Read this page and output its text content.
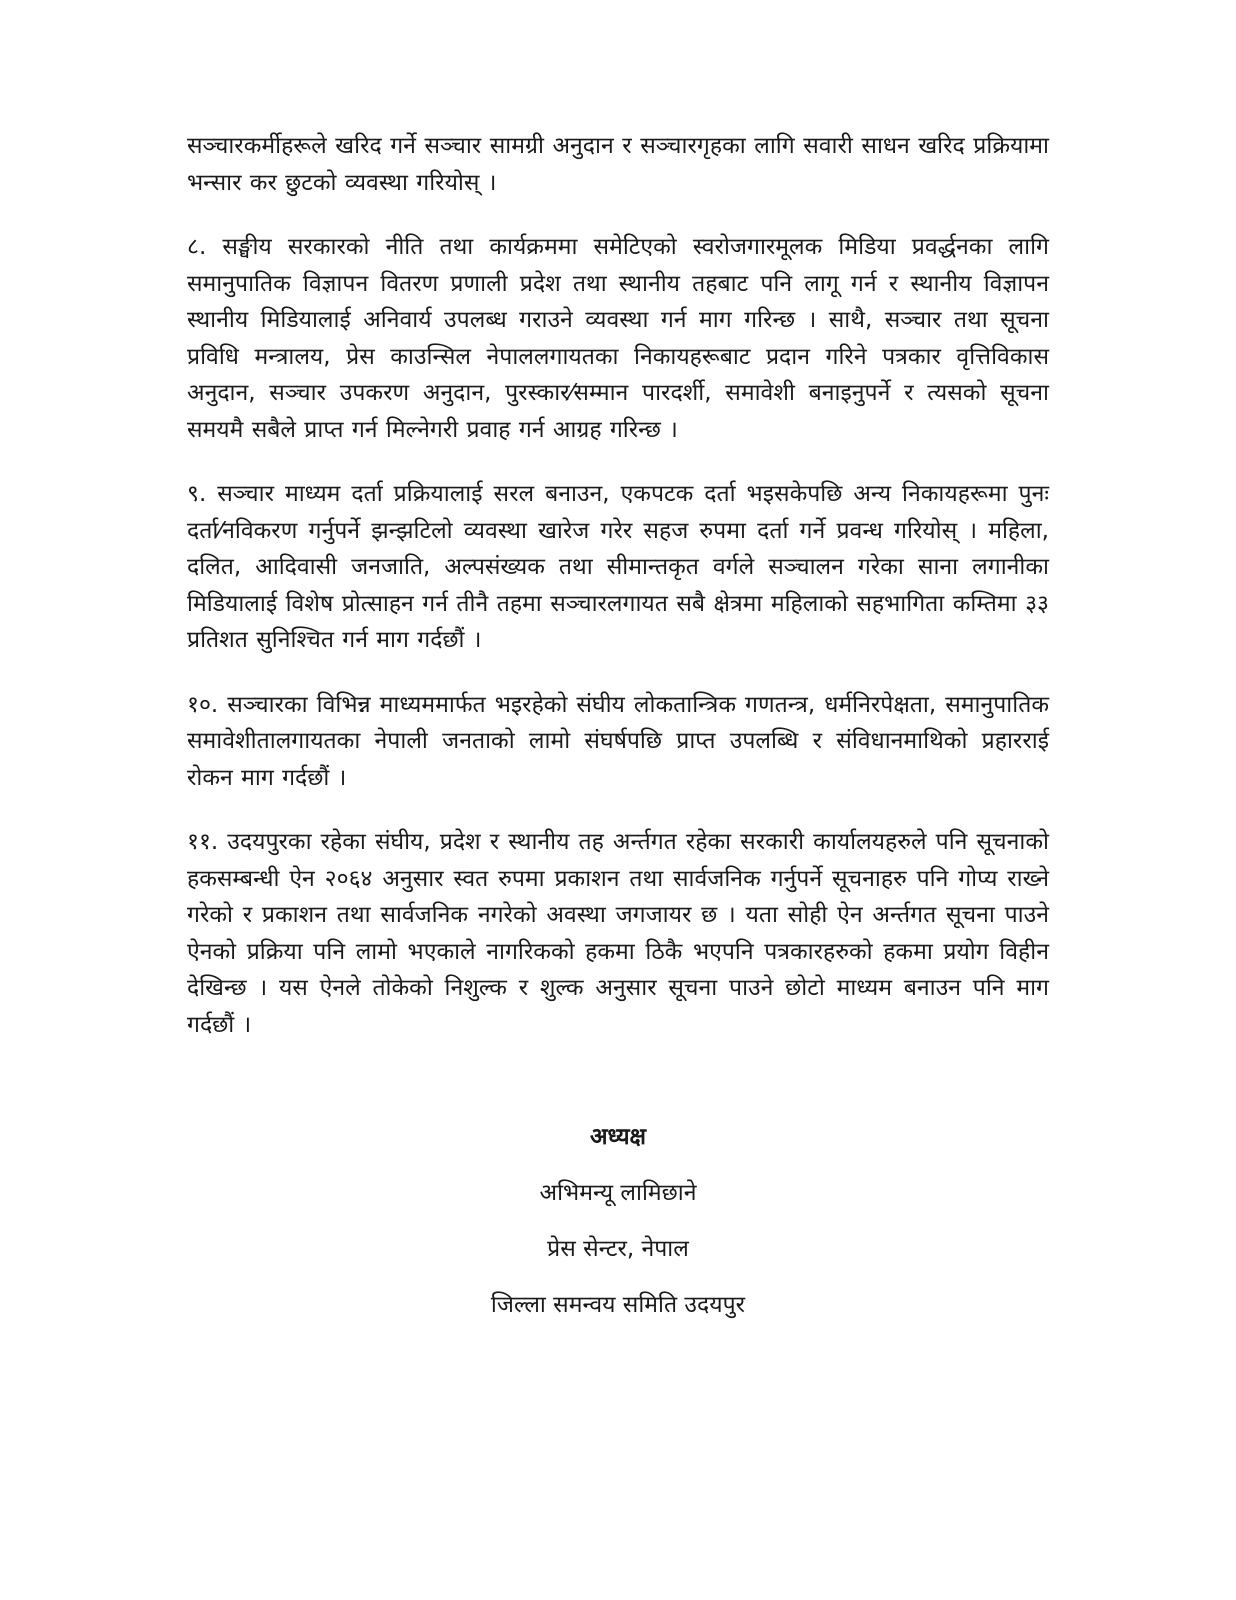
सञ्चारकर्मीहरूले खरिद गर्ने सञ्चार सामग्री अनुदान र सञ्चारगृहका लागि सवारी साधन खरिद प्रक्रियामा भन्सार कर छुटको व्यवस्था गरियोस् ।

८. सङ्घीय सरकारको नीति तथा कार्यक्रममा समेटिएको स्वरोजगारमूलक मिडिया प्रवर्द्धनका लागि समानुपातिक विज्ञापन वितरण प्रणाली प्रदेश तथा स्थानीय तहबाट पनि लागू गर्न र स्थानीय विज्ञापन स्थानीय मिडियालाई अनिवार्य उपलब्ध गराउने व्यवस्था गर्न माग गरिन्छ । साथै, सञ्चार तथा सूचना प्रविधि मन्त्रालय, प्रेस काउन्सिल नेपाललगायतका निकायहरूबाट प्रदान गरिने पत्रकार वृत्तिविकास अनुदान, सञ्चार उपकरण अनुदान, पुरस्कार⁄सम्मान पारदर्शी, समावेशी बनाइनुपर्ने र त्यसको सूचना समयमै सबैले प्राप्त गर्न मिल्नेगरी प्रवाह गर्न आग्रह गरिन्छ ।

९. सञ्चार माध्यम दर्ता प्रक्रियालाई सरल बनाउन, एकपटक दर्ता भइसकेपछि अन्य निकायहरूमा पुनः दर्ता⁄नविकरण गर्नुपर्ने झन्झटिलो व्यवस्था खारेज गरेर सहज रुपमा दर्ता गर्ने प्रवन्ध गरियोस् । महिला, दलित, आदिवासी जनजाति, अल्पसंख्यक तथा सीमान्तकृत वर्गले सञ्चालन गरेका साना लगानीका मिडियालाई विशेष प्रोत्साहन गर्न तीनै तहमा सञ्चारलगायत सबै क्षेत्रमा महिलाको सहभागिता कम्तिमा ३३ प्रतिशत सुनिश्चित गर्न माग गर्दछौं ।

१०. सञ्चारका विभिन्न माध्यममार्फत भइरहेको संघीय लोकतान्त्रिक गणतन्त्र, धर्मनिरपेक्षता, समानुपातिक समावेशीतालगायतका नेपाली जनताको लामो संघर्षपछि प्राप्त उपलब्धि र संविधानमाथिको प्रहारराई रोकन माग गर्दछौं ।

११. उदयपुरका रहेका संघीय, प्रदेश र स्थानीय तह अर्न्तगत रहेका सरकारी कार्यालयहरुले पनि सूचनाको हकसम्बन्धी ऐन २०६४ अनुसार स्वत रुपमा प्रकाशन तथा सार्वजनिक गर्नुपर्ने सूचनाहरु पनि गोप्य राख्ने गरेको र प्रकाशन तथा सार्वजनिक नगरेको अवस्था जगजायर छ । यता सोही ऐन अर्न्तगत सूचना पाउने ऐनको प्रक्रिया पनि लामो भएकाले नागरिकको हकमा ठिकै भएपनि पत्रकारहरुको हकमा प्रयोग विहीन देखिन्छ । यस ऐनले तोकेको निशुल्क र शुल्क अनुसार सूचना पाउने छोटो माध्यम बनाउन पनि माग गर्दछौं ।

अध्यक्ष
अभिमन्यू लामिछाने
प्रेस सेन्टर, नेपाल
जिल्ला समन्वय समिति उदयपुर
